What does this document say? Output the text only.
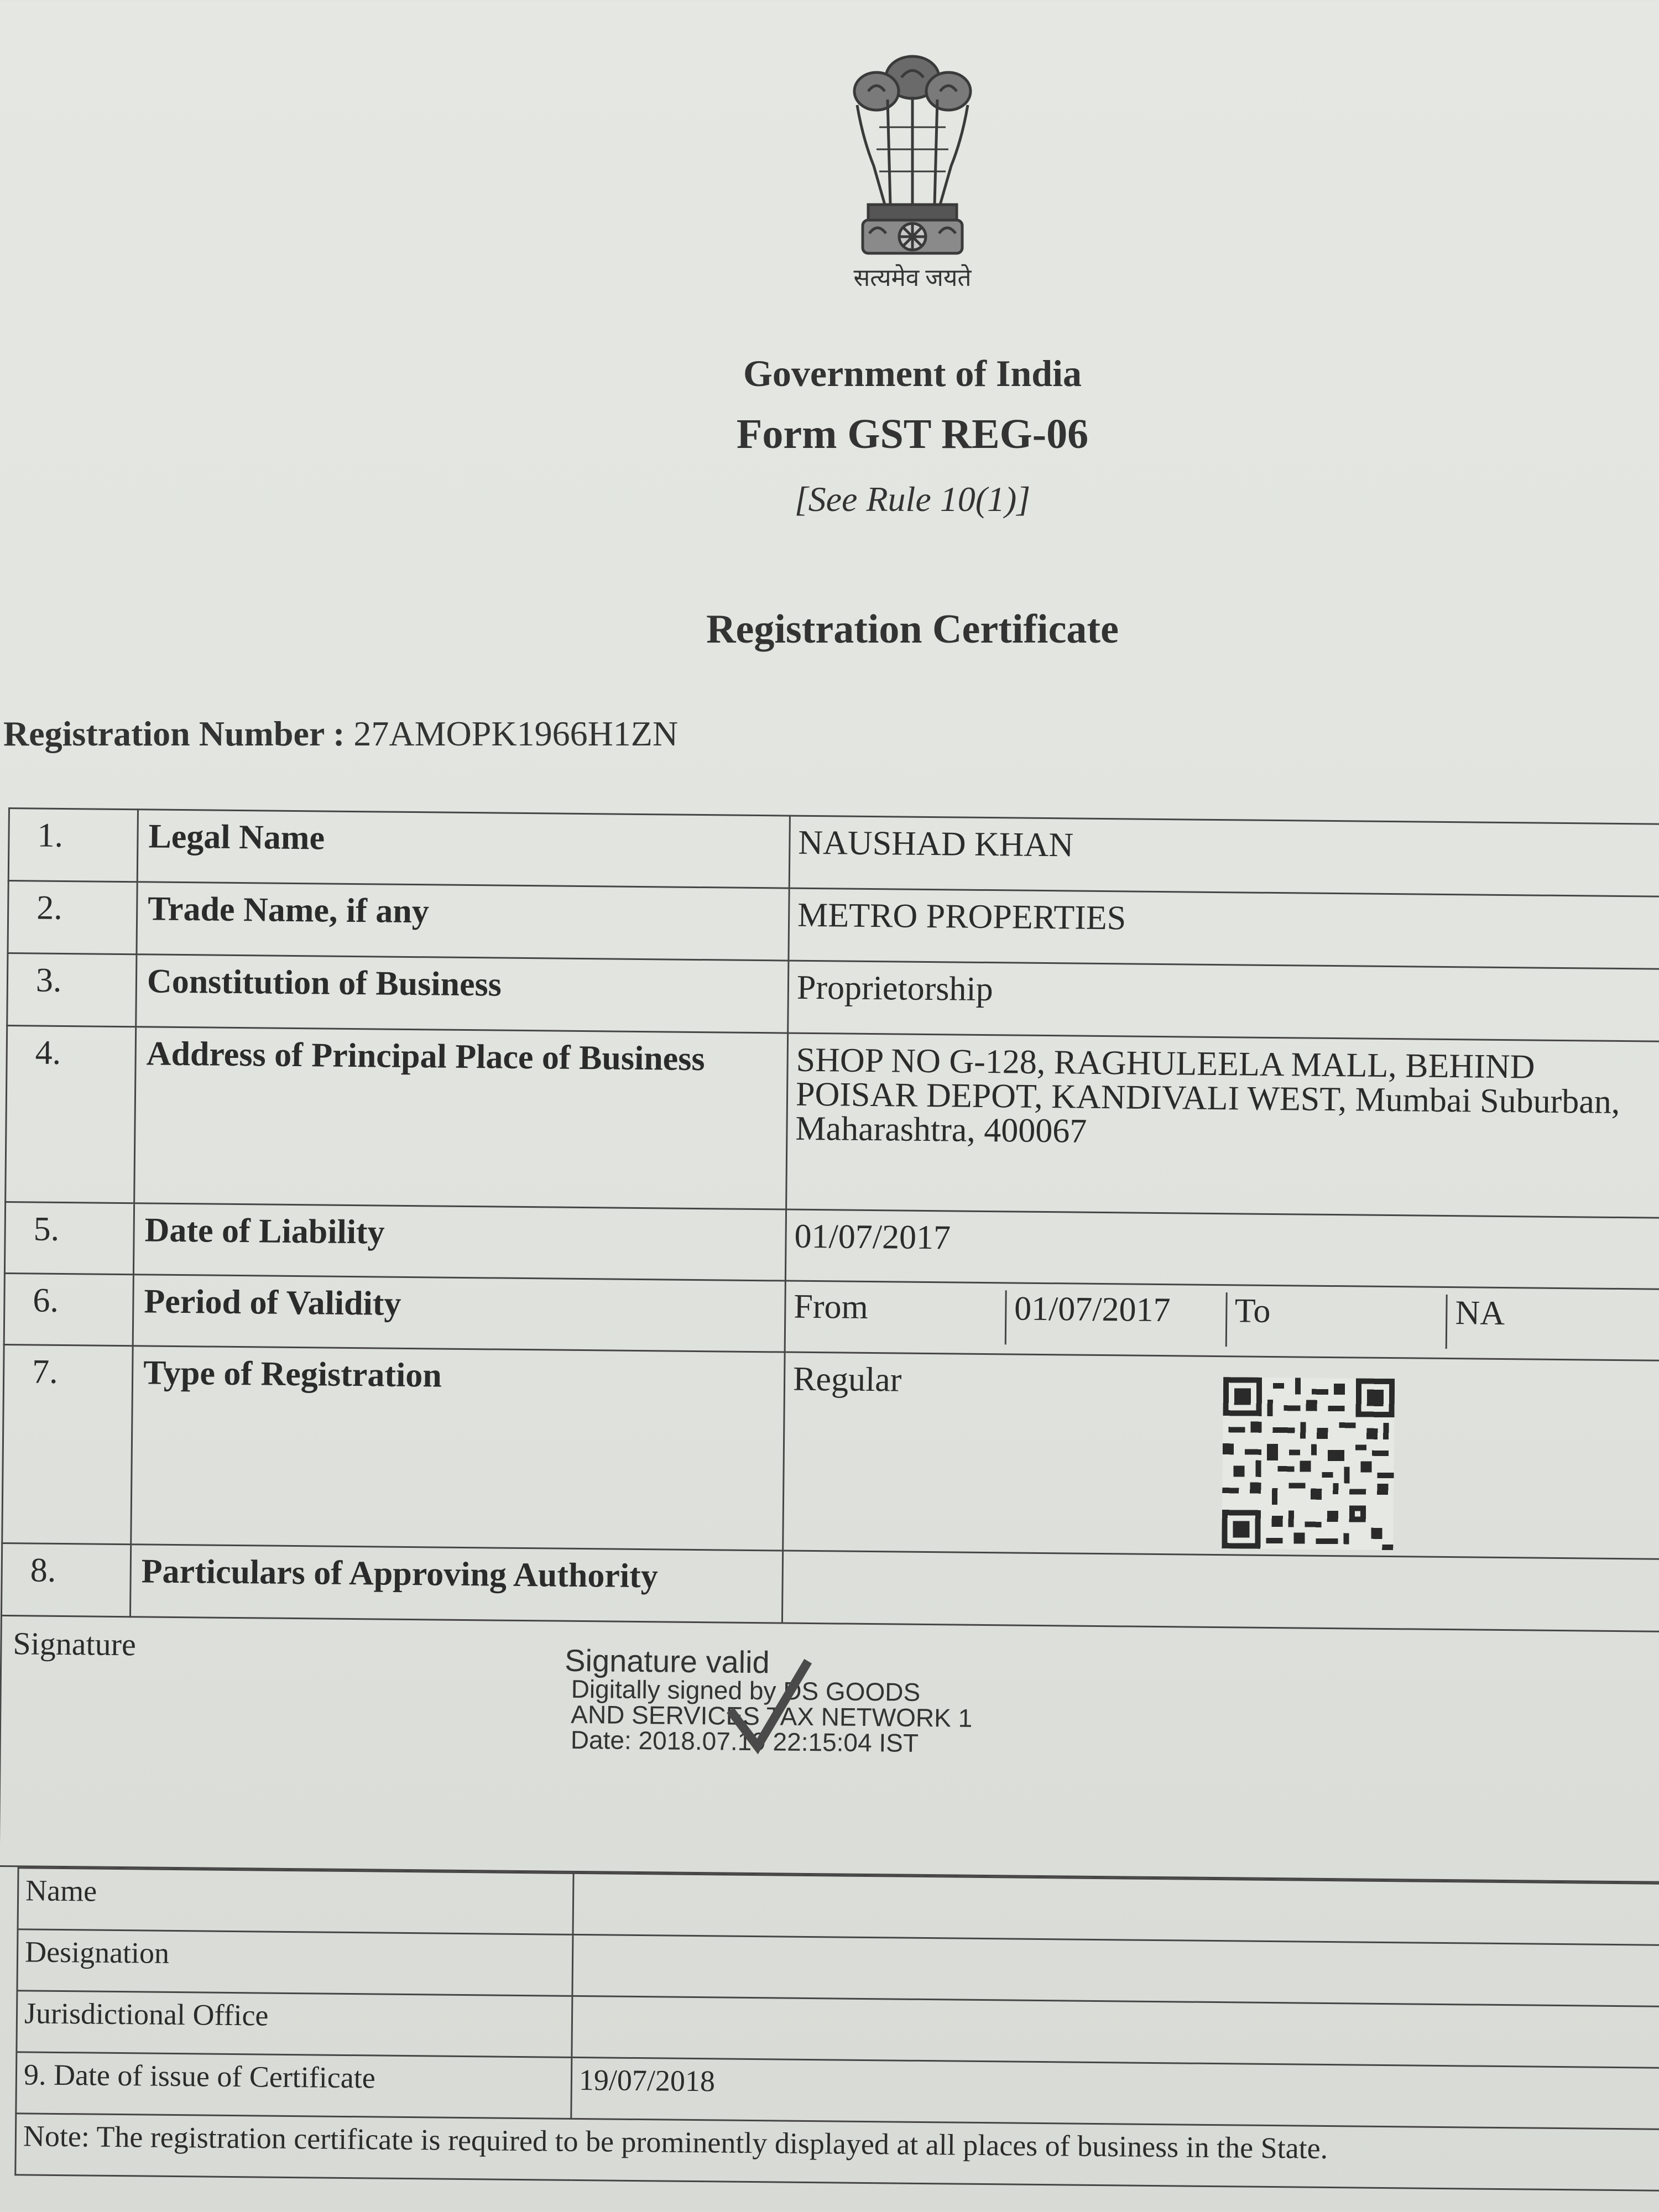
सत्यमेव जयते
Government of India
Form GST REG-06
[See Rule 10(1)]
Registration Certificate
Registration Number : 27AMOPK1966H1ZN
1.	Legal Name	NAUSHAD KHAN
2.	Trade Name, if any	METRO PROPERTIES
3.	Constitution of Business	Proprietorship
4.	Address of Principal Place of Business	SHOP NO G-128, RAGHULEELA MALL, BEHIND POISAR DEPOT, KANDIVALI WEST, Mumbai Suburban, Maharashtra, 400067
5.	Date of Liability	01/07/2017
6.	Period of Validity	From 01/07/2017 To NA

7.	Type of Registration	Regular

8.	Particulars of Approving Authority	

Signature Signature valid
Digitally signed by DS GOODS
AND SERVICES TAX NETWORK 1
Date: 2018.07.19 22:15:04 IST		
Name	
Designation	
Jurisdictional Office	
9. Date of issue of Certificate	19/07/2018
Note: The registration certificate is required to be prominently displayed at all places of business in the State.	
